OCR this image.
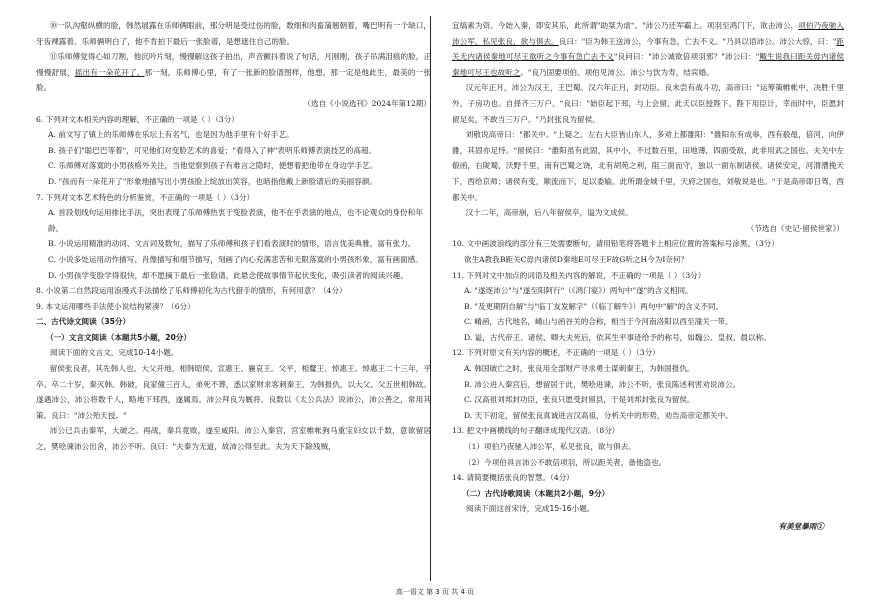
⑩一队沟壑纵横的脸，韩然展露在乐师俩眼前，那分明是受过伤的脸，数细和肉畜蒲翘朝着，嘴巴明有一个缺口，牙齿裸露着。乐师俩明白了，他不肯拍下最后一张脸谱，是想遮住自己的脸。

⑪乐师傅觉得心如刀割，他沉吟片刻，慢慢解这孩子拍出，声音颤抖着说了句话，月刚刚，孩子吊满泪痕的脸，正慢慢舒展，摇出有一朵花开了。那一刻，乐师傅心里，有了一张新的脸谱图样，他想，那一定是他此生，最美的一张脸。

（选自《小说选刊》2024年第12期）

6. 下列对文本相关内容的理解，不正确的一项是（ ）（3分）

A. 前文写了镇上的乐师傅在乐坛上有名气，也是因为他手里有个好手艺。

B. 孩子们"聪巴巴等着"，可见他们对变脸艺术的喜爱；"看得入了神"表明乐师傅表演技艺的高超。

C. 乐师傅对落寞的小男孩格外关注，当他觉察到孩子有难言之隐时，便想着把他带在身边学手艺。

D. "孩而有一朵花开了"形象地描写出小男孩脸上绽放出笑容，也暗指他戴上新脸谱后的美丽容颜。

7. 下列对文本艺术特色的分析鉴赏，不正确的一项是（ ）（3分）

A. 首段划线句运用排比手法，突出表现了乐师傅热衷于变脸表演，他不在乎表演的地点，也不论观众的身份和年龄。

B. 小说运用精准的动词、文言词及数句，描写了乐师傅和孩子们看表演时的情形，语言优美典雅，富有张力。

C. 小说多处运用动作描写、肖像描写和细节描写，刻画了内心充满悲苦和无限落寞的小男孩形象，富有画面感。

D. 小男孩学变脸学得很快，却不愿摘下最后一张脸谱，此悬念使故事情节起伏变化，吸引读者的阅读兴趣。

8. 小说第二自然段运用浪漫式手法描绘了乐师傅初化为古代猎手的情形，有何用意？（4分）

9. 本文运用哪些手法使小说结构紧凑？（6分）

二、古代诗文阅读（35分）

（一）文言文阅读（本题共5小题，20分）

阅读下面的文言文，完成10-14小题。

留侯张良者，其先韩人也。大父开地，相韩昭侯、宣惠王、襄哀王。父平，相釐王、悼惠王。悼惠王二十三年，平卒。卒二十岁，秦灭韩。韩破，良家僮三百人，弟死不葬，悉以家财求客刺秦王，为韩报仇，以大父、父五世相韩故。遂遇沛公，沛公将数千人，略地下邳西，遂属焉。沛公拜良为厩将。良数以《太公兵法》说沛公，沛公善之，常用其策。良曰："沛公殆天授。"

沛公已兵击秦军，大破之。再战，秦兵竟败，遂至咸阳。沛公入秦宫，宫室帷帐狗马重宝妇女以千数，意欲留居之。樊哙谏沛公出舍，沛公不听。良曰："夫秦为无道，故沛公得至此。夫为天下除残贼，

宜缟素为资。今始入秦，即安其乐，此所谓"助桀为虐"。"沛公乃还军霸上。项羽至鸿门下，欲击沛公，项伯乃夜驰入沛公军，私见张良，欲与俱去。良曰："臣为韩王送沛公，今事有急，亡去不义。"乃具以语沛公。沛公大惊，曰："距关无内诸侯秦地可尽王欲听之今事有急亡去不义"良问曰："沛公诚欲倍项羽邪？"沛公曰："鲰生说我曰距关毋内诸侯秦地可尽王也故听之。"良乃固要项伯。项伯见沛公。沛公与饮为寿，结宾婚。

汉元年正月，沛公为汉王，王巴蜀。汉六年正月，封功臣。良未尝有战斗功，高帝曰："运筹策帷帐中，决胜千里外，子房功也。自择齐三万户。"良曰："始臣起下邳，与上会留，此天以臣授陛下。陛下用臣计，幸而时中，臣愿封留足矣，不敢当三万户。"乃封张良为留侯。

刘敬说高帝曰："都关中。"上疑之。左右大臣皆山东人，多劝上都雒阳："雒阳东有成皋，西有殽黾，倍河，向伊雒，其固亦足恃。"留侯曰："雒阳虽有此固，其中小，不过数百里，田地薄，四面受敌，此非用武之国也。夫关中左殽函，右陇蜀，沃野千里，南有巴蜀之饶，北有胡苑之利，阻三面而守，独以一面东制诸侯。诸侯安定，河渭漕挽天下，西给京师；诸侯有变，顺流而下，足以委输。此所谓金城千里，天府之国也，刘敬说是也。"于是高帝即日驾，西都关中。

汉十二年，高帝崩，后八年留侯卒，谥为文成侯。

（节选自《史记·留侯世家》）

10. 文中画波浪线的部分有三处需要断句，请用铅笔将答题卡上相应位置的答案标号涂黑。（3分）

欲生A教我B距关C毋内诸侯D秦地E可尽王F故G听之H今为I奈何？

11. 下列对文中加点的词语及相关内容的解说，不正确的一项是（ ）（3分）

A. "遂逐沛公"与"遂至阳阿行"（《鸿门宴》）两句中"遂"的含义相同。

B. "及更期阴自解"与"临丁友发解字"（《临丁解牛》）两句中"解"的含义不同。

C. 崤函，古代地名，崤山与函谷关的合称，相当于今河南洛阳以西至潼关一带。

D. 谥，古代帝王、诸侯、卿大夫死后，依其生平事迹给予的称号，如魏公、皇叔、晨以称。

12. 下列对原文有关内容的概述，不正确的一项是（ ）（3分）

A. 韩国破亡之时，张良用全部财产寻求勇士谋刺秦王，为韩国报仇。

B. 沛公进入秦宫后，想留居于此，樊哙进谏，沛公不听，张良陈述利害劝说沛公。

C. 汉高祖刘邦封功臣，张良只愿受封留县，于是刘邦封张良为留侯。

D. 天下初定，留侯张良真诚进言汉高祖，分析关中的形势，劝告高帝定都关中。

13. 把文中画横线的句子翻译成现代汉语。（8分）

（1）项伯乃夜驰入沛公军，私见张良，欲与俱去。

（2）今项伯具言沛公不敢倍项羽，所以距关者，备他盗也。

14. 请简要概括张良的智慧。（4分）

（二）古代诗歌阅读（本题共2小题，9分）

阅读下面这首宋诗，完成15-16小题。

有美堂暴雨①

高一语文 第 3 页 共 4 页
